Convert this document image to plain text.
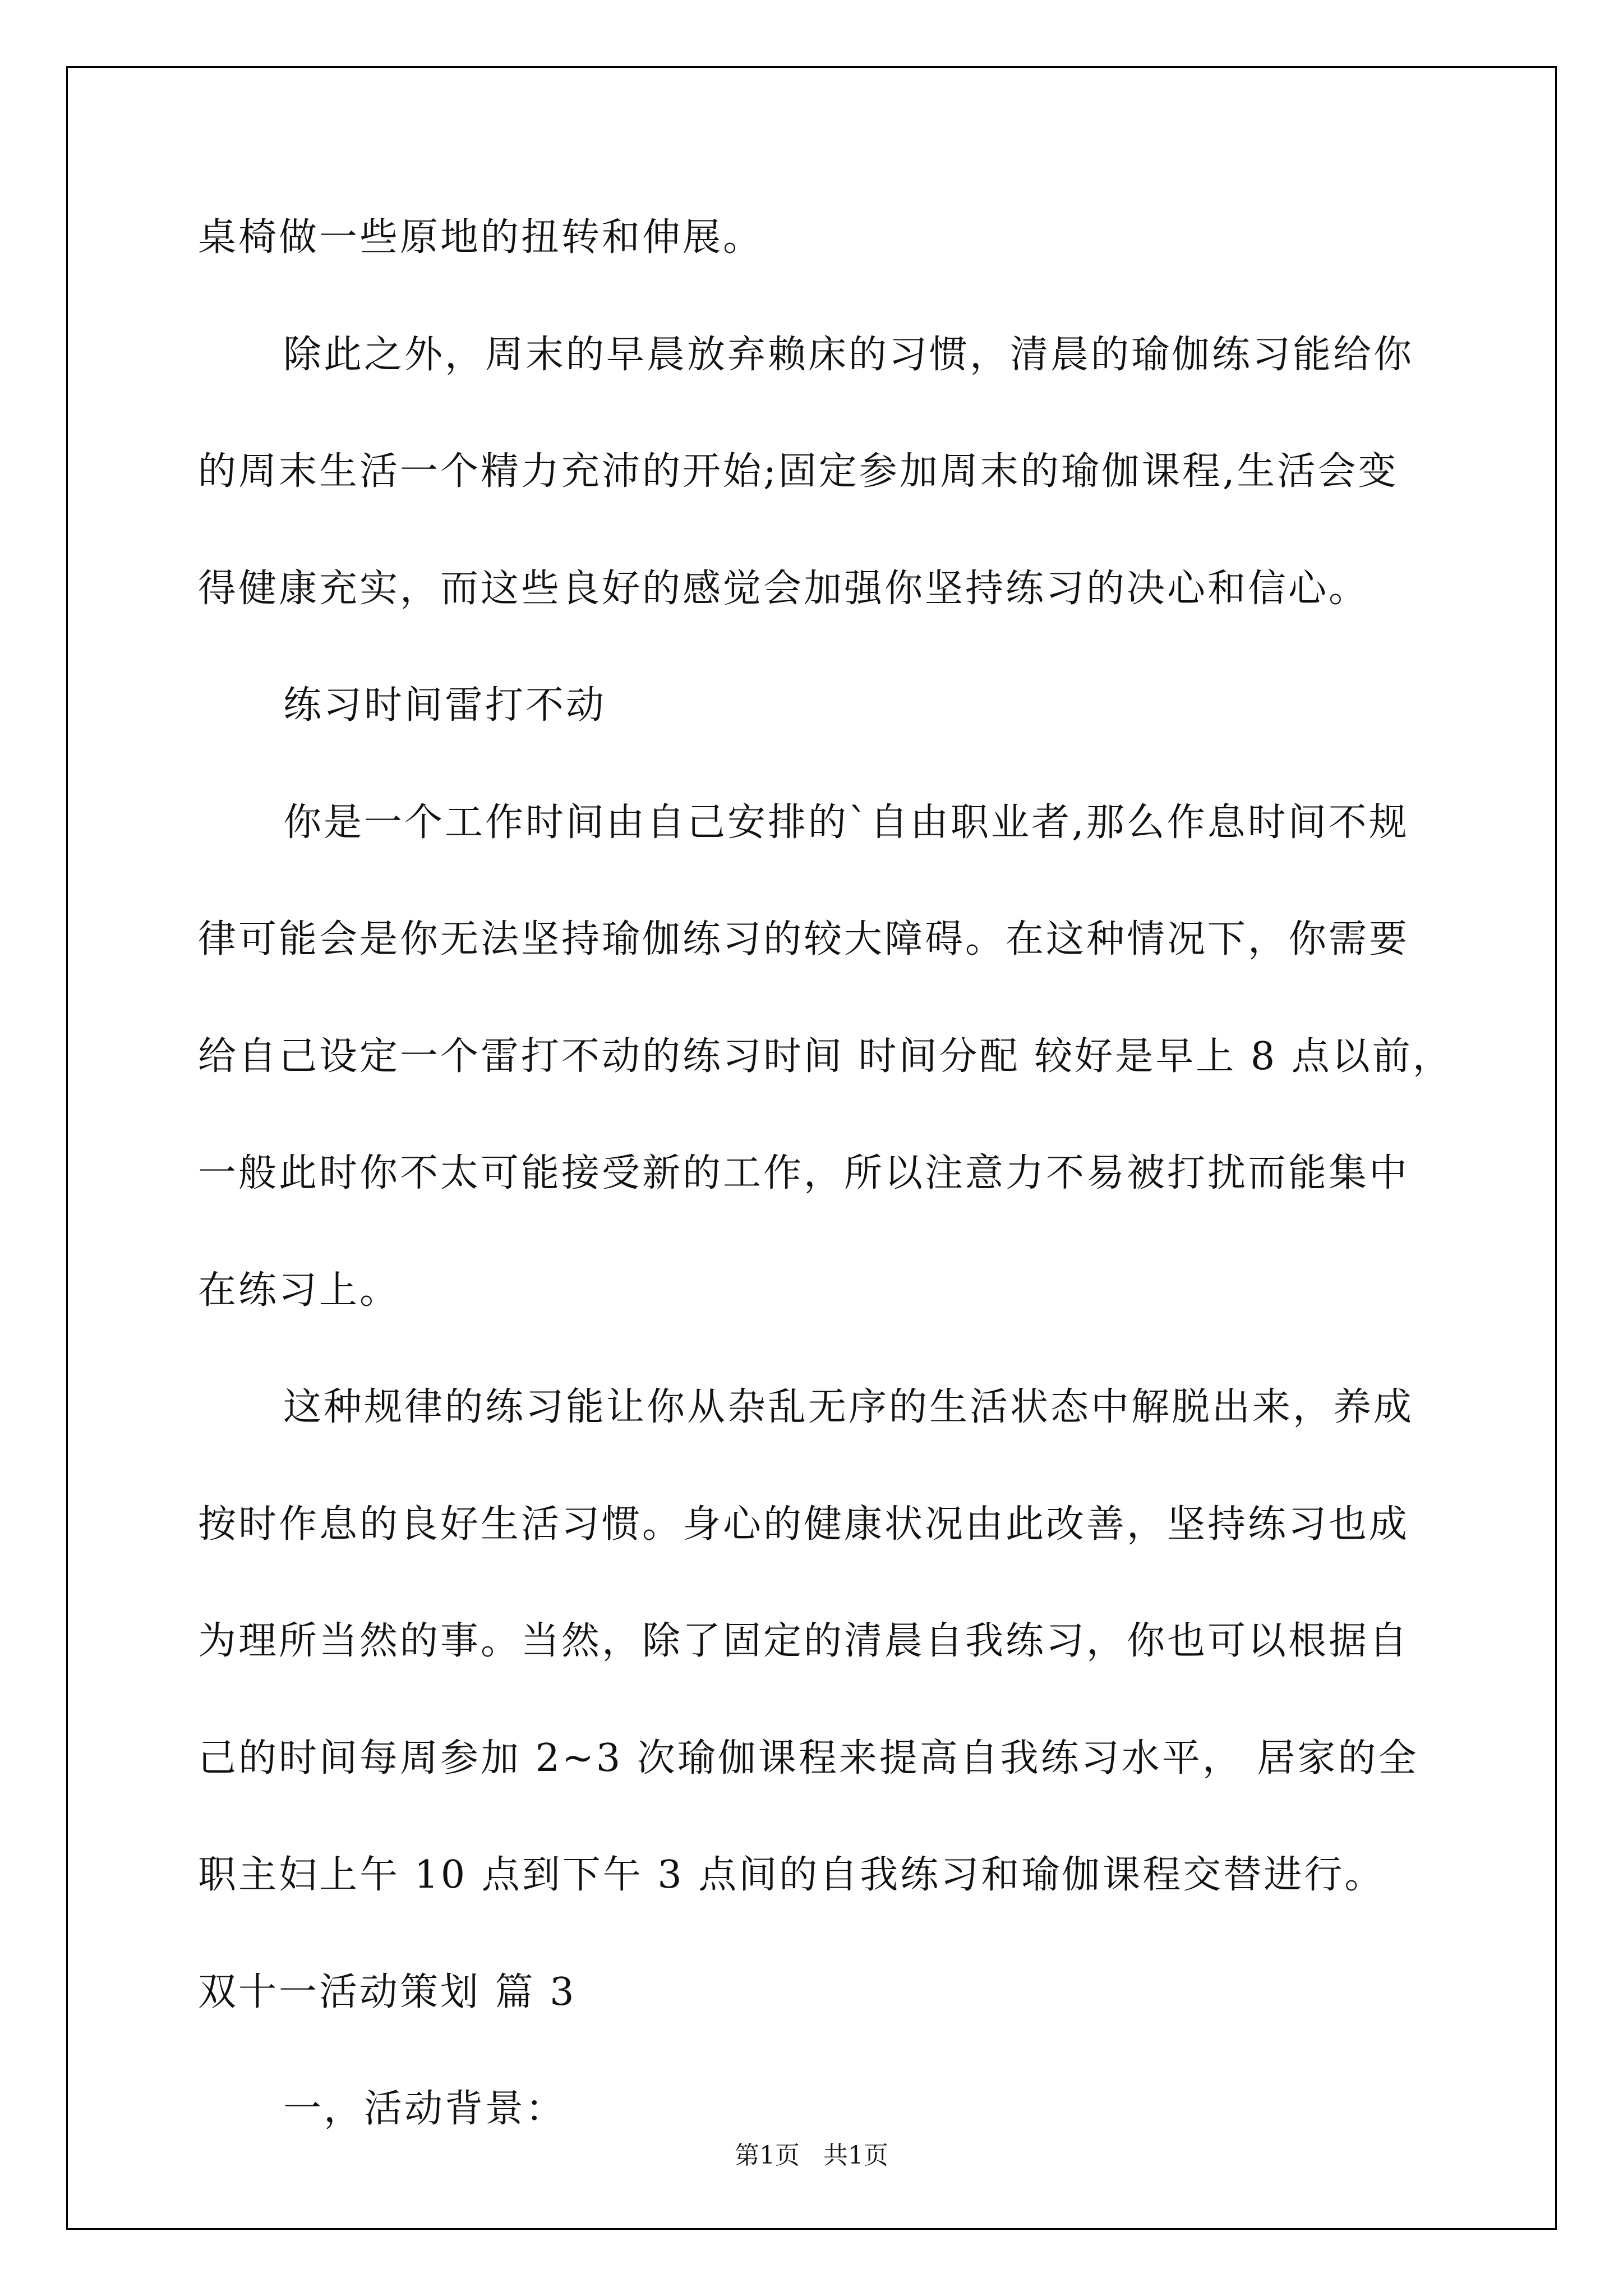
桌椅做一些原地的扭转和伸展。
除此之外，周末的早晨放弃赖床的习惯，清晨的瑜伽练习能给你
的周末生活一个精力充沛的开始;固定参加周末的瑜伽课程,生活会变
得健康充实，而这些良好的感觉会加强你坚持练习的决心和信心。
练习时间雷打不动
你是一个工作时间由自己安排的`自由职业者,那么作息时间不规
律可能会是你无法坚持瑜伽练习的较大障碍。在这种情况下，你需要
给自己设定一个雷打不动的练习时间 时间分配 较好是早上 8 点以前，
一般此时你不太可能接受新的工作，所以注意力不易被打扰而能集中
在练习上。
这种规律的练习能让你从杂乱无序的生活状态中解脱出来，养成
按时作息的良好生活习惯。身心的健康状况由此改善，坚持练习也成
为理所当然的事。当然，除了固定的清晨自我练习，你也可以根据自
己的时间每周参加 2~3 次瑜伽课程来提高自我练习水平， 居家的全
职主妇上午 10 点到下午 3 点间的自我练习和瑜伽课程交替进行。
双十一活动策划 篇 3
一，活动背景：
第1页   共1页
